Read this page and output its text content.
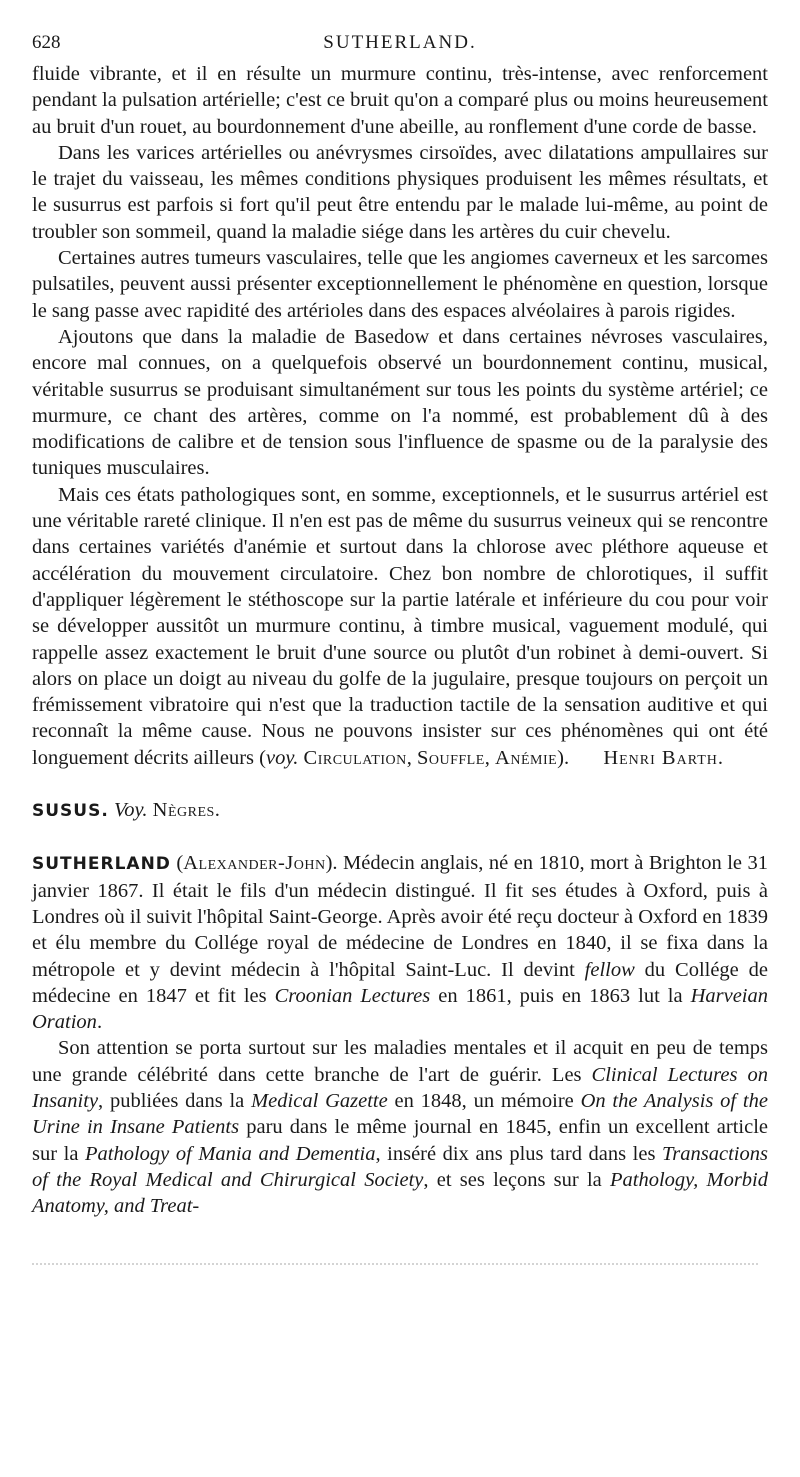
628	SUTHERLAND.

fluide vibrante, et il en résulte un murmure continu, très-intense, avec renforcement pendant la pulsation artérielle; c'est ce bruit qu'on a comparé plus ou moins heureusement au bruit d'un rouet, au bourdonnement d'une abeille, au ronflement d'une corde de basse.

Dans les varices artérielles ou anévrysmes cirsoïdes, avec dilatations ampullaires sur le trajet du vaisseau, les mêmes conditions physiques produisent les mêmes résultats, et le susurrus est parfois si fort qu'il peut être entendu par le malade lui-même, au point de troubler son sommeil, quand la maladie siége dans les artères du cuir chevelu.

Certaines autres tumeurs vasculaires, telle que les angiomes caverneux et les sarcomes pulsatiles, peuvent aussi présenter exceptionnellement le phénomène en question, lorsque le sang passe avec rapidité des artérioles dans des espaces alvéolaires à parois rigides.

Ajoutons que dans la maladie de Basedow et dans certaines névroses vasculaires, encore mal connues, on a quelquefois observé un bourdonnement continu, musical, véritable susurrus se produisant simultanément sur tous les points du système artériel; ce murmure, ce chant des artères, comme on l'a nommé, est probablement dû à des modifications de calibre et de tension sous l'influence de spasme ou de la paralysie des tuniques musculaires.

Mais ces états pathologiques sont, en somme, exceptionnels, et le susurrus artériel est une véritable rareté clinique. Il n'en est pas de même du susurrus veineux qui se rencontre dans certaines variétés d'anémie et surtout dans la chlorose avec pléthore aqueuse et accélération du mouvement circulatoire. Chez bon nombre de chlorotiques, il suffit d'appliquer légèrement le stéthoscope sur la partie latérale et inférieure du cou pour voir se développer aussitôt un murmure continu, à timbre musical, vaguement modulé, qui rappelle assez exactement le bruit d'une source ou plutôt d'un robinet à demi-ouvert. Si alors on place un doigt au niveau du golfe de la jugulaire, presque toujours on perçoit un frémissement vibratoire qui n'est que la traduction tactile de la sensation auditive et qui reconnaît la même cause. Nous ne pouvons insister sur ces phénomènes qui ont été longuement décrits ailleurs (voy. Circulation, Souffle, Anémie).	Henri Barth.

SUSUS. Voy. Nègres.

SUTHERLAND (Alexander-John). Médecin anglais, né en 1810, mort à Brighton le 31 janvier 1867. Il était le fils d'un médecin distingué. Il fit ses études à Oxford, puis à Londres où il suivit l'hôpital Saint-George. Après avoir été reçu docteur à Oxford en 1839 et élu membre du Collége royal de médecine de Londres en 1840, il se fixa dans la métropole et y devint médecin à l'hôpital Saint-Luc. Il devint fellow du Collége de médecine en 1847 et fit les Croonian Lectures en 1861, puis en 1863 lut la Harveian Oration.

Son attention se porta surtout sur les maladies mentales et il acquit en peu de temps une grande célébrité dans cette branche de l'art de guérir. Les Clinical Lectures on Insanity, publiées dans la Medical Gazette en 1848, un mémoire On the Analysis of the Urine in Insane Patients paru dans le même journal en 1845, enfin un excellent article sur la Pathology of Mania and Dementia, inséré dix ans plus tard dans les Transactions of the Royal Medical and Chirurgical Society, et ses leçons sur la Pathology, Morbid Anatomy, and Treat-
